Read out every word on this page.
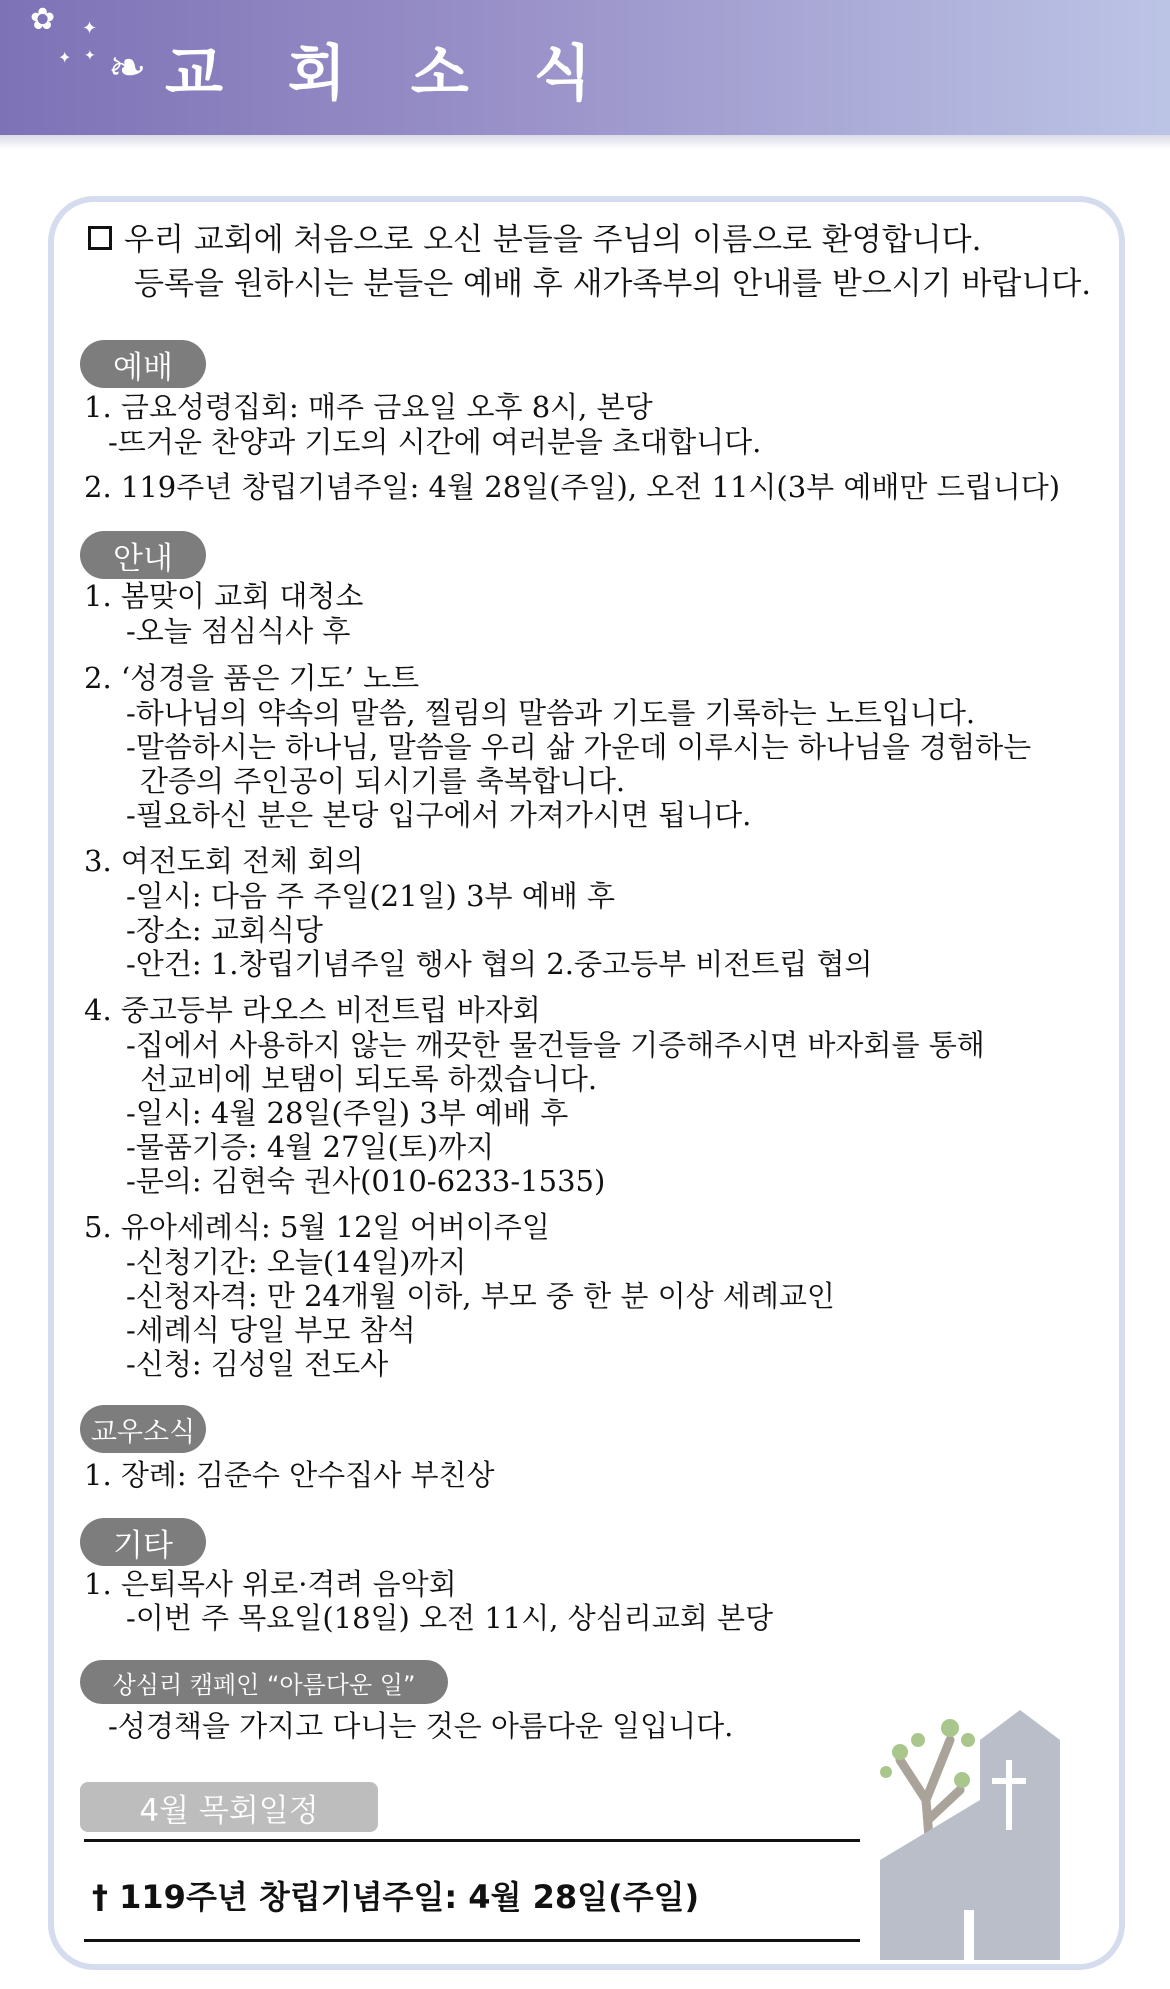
✿ ✦
✦ ✦ ❧ 교 회 소 식
우리 교회에 처음으로 오신 분들을 주님의 이름으로 환영합니다.
등록을 원하시는 분들은 예배 후 새가족부의 안내를 받으시기 바랍니다.
예배
1. 금요성령집회: 매주 금요일 오후 8시, 본당
-뜨거운 찬양과 기도의 시간에 여러분을 초대합니다.
2. 119주년 창립기념주일: 4월 28일(주일), 오전 11시(3부 예배만 드립니다)
안내
1. 봄맞이 교회 대청소
-오늘 점심식사 후
2. ‘성경을 품은 기도’ 노트
-하나님의 약속의 말씀, 찔림의 말씀과 기도를 기록하는 노트입니다.
-말씀하시는 하나님, 말씀을 우리 삶 가운데 이루시는 하나님을 경험하는
간증의 주인공이 되시기를 축복합니다.
-필요하신 분은 본당 입구에서 가져가시면 됩니다.
3. 여전도회 전체 회의
-일시: 다음 주 주일(21일) 3부 예배 후
-장소: 교회식당
-안건: 1.창립기념주일 행사 협의 2.중고등부 비전트립 협의
4. 중고등부 라오스 비전트립 바자회
-집에서 사용하지 않는 깨끗한 물건들을 기증해주시면 바자회를 통해
선교비에 보탬이 되도록 하겠습니다.
-일시: 4월 28일(주일) 3부 예배 후
-물품기증: 4월 27일(토)까지
-문의: 김현숙 권사(010-6233-1535)
5. 유아세례식: 5월 12일 어버이주일
-신청기간: 오늘(14일)까지
-신청자격: 만 24개월 이하, 부모 중 한 분 이상 세례교인
-세례식 당일 부모 참석
-신청: 김성일 전도사
교우소식
1. 장례: 김준수 안수집사 부친상
기타
1. 은퇴목사 위로·격려 음악회
-이번 주 목요일(18일) 오전 11시, 상심리교회 본당
상심리 캠페인 “아름다운 일”
-성경책을 가지고 다니는 것은 아름다운 일입니다.
4월 목회일정
† 119주년 창립기념주일: 4월 28일(주일)
